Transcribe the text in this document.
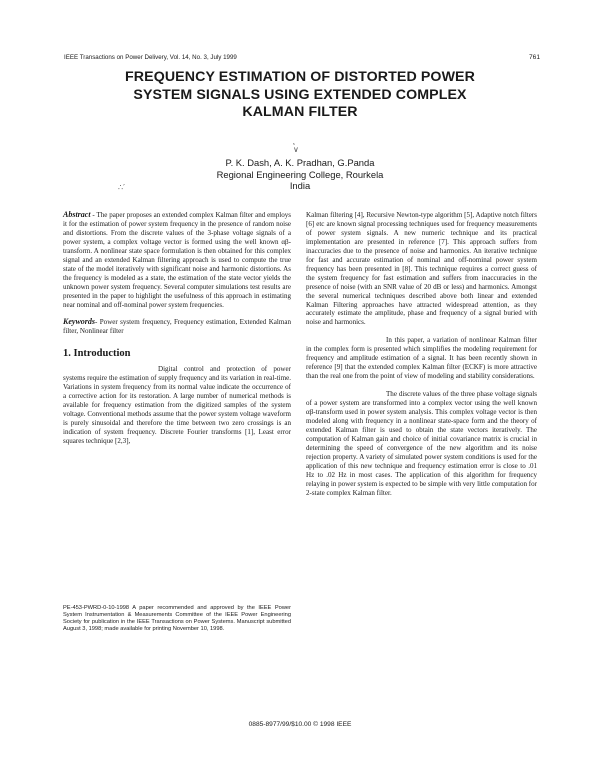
IEEE Transactions on Power Delivery, Vol. 14, No. 3, July 1999	761
FREQUENCY ESTIMATION OF DISTORTED POWER
SYSTEM SIGNALS USING EXTENDED COMPLEX
KALMAN FILTER
˛̣
∨
∴′
P. K. Dash, A. K. Pradhan, G.Panda
Regional Engineering College, Rourkela
India

Abstract - The paper proposes an extended complex Kalman filter and employs it for the estimation of power system frequency in the presence of random noise and distortions. From the discrete values of the 3-phase voltage signals of a power system, a complex voltage vector is formed using the well known αβ-transform. A nonlinear state space formulation is then obtained for this complex signal and an extended Kalman filtering approach is used to compute the true state of the model iteratively with significant noise and harmonic distortions. As the frequency is modeled as a state, the estimation of the state vector yields the unknown power system frequency. Several computer simulations test results are presented in the paper to highlight the usefulness of this approach in estimating near nominal and off-nominal power system frequencies.

Keywords- Power system frequency, Frequency estimation, Extended Kalman filter, Nonlinear filter

1. Introduction

Digital control and protection of power systems require the estimation of supply frequency and its variation in real-time. Variations in system frequency from its normal value indicate the occurrence of a corrective action for its restoration. A large number of numerical methods is available for frequency estimation from the digitized samples of the system voltage. Conventional methods assume that the power system voltage waveform is purely sinusoidal and therefore the time between two zero crossings is an indication of system frequency. Discrete Fourier transforms [1], Least error squares technique [2,3],

PE-453-PWRD-0-10-1998 A paper recommended and approved by the IEEE Power System Instrumentation & Measurements Committee of the IEEE Power Engineering Society for publication in the IEEE Transactions on Power Systems. Manuscript submitted August 3, 1998; made available for printing November 10, 1998.

Kalman filtering [4], Recursive Newton-type algorithm [5], Adaptive notch filters [6] etc are known signal processing techniques used for frequency measurements of power system signals. A new numeric technique and its practical implementation are presented in reference [7]. This approach suffers from inaccuracies due to the presence of noise and harmonics. An iterative technique for fast and accurate estimation of nominal and off-nominal power system frequency has been presented in [8]. This technique requires a correct guess of the system frequency for fast estimation and suffers from inaccuracies in the presence of noise (with an SNR value of 20 dB or less) and harmonics. Amongst the several numerical techniques described above both linear and extended Kalman Filtering approaches have attracted widespread attention, as they accurately estimate the amplitude, phase and frequency of a signal buried with noise and harmonics.

In this paper, a variation of nonlinear Kalman filter in the complex form is presented which simplifies the modeling requirement for frequency and amplitude estimation of a signal. It has been recently shown in reference [9] that the extended complex Kalman filter (ECKF) is more attractive than the real one from the point of view of modeling and stability considerations.

The discrete values of the three phase voltage signals of a power system are transformed into a complex vector using the well known αβ-transform used in power system analysis. This complex voltage vector is then modeled along with frequency in a nonlinear state-space form and the theory of extended Kalman filter is used to obtain the state vectors iteratively. The computation of Kalman gain and choice of initial covariance matrix is crucial in determining the speed of convergence of the new algorithm and its noise rejection property. A variety of simulated power system conditions is used for the application of this new technique and frequency estimation error is close to .01 Hz to .02 Hz in most cases. The application of this algorithm for frequency relaying in power system is expected to be simple with very little computation for 2-state complex Kalman filter.

0885-8977/99/$10.00 © 1998 IEEE
